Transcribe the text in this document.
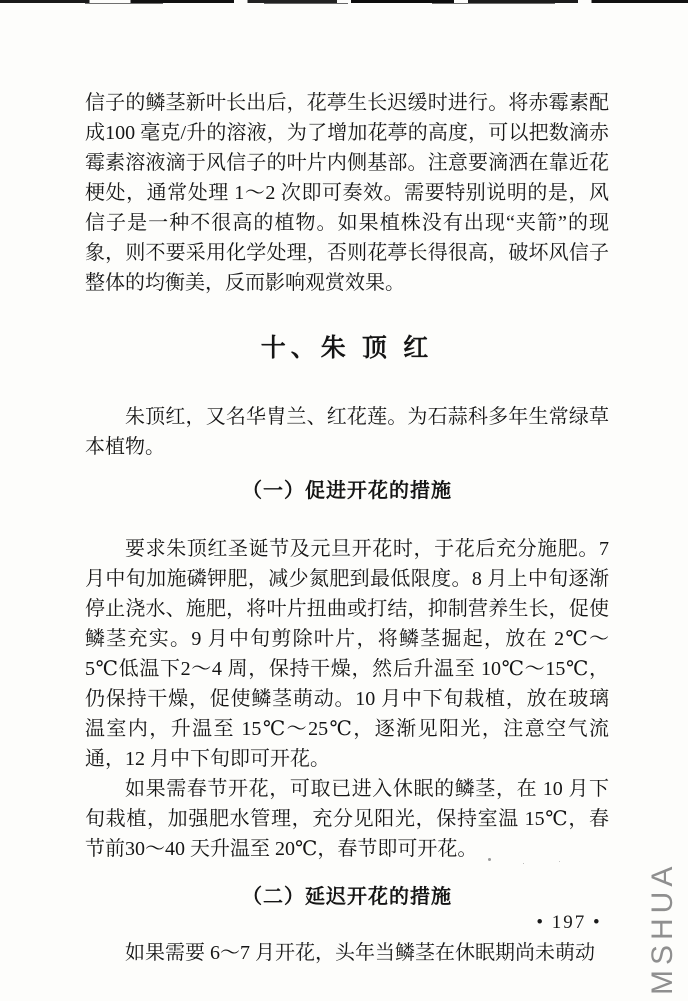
信子的鳞茎新叶长出后，花葶生长迟缓时进行。将赤霉素配成100 毫克/升的溶液，为了增加花葶的高度，可以把数滴赤霉素溶液滴于风信子的叶片内侧基部。注意要滴洒在靠近花梗处，通常处理 1～2 次即可奏效。需要特别说明的是，风信子是一种不很高的植物。如果植株没有出现“夹箭”的现象，则不要采用化学处理，否则花葶长得很高，破坏风信子整体的均衡美，反而影响观赏效果。

十、朱 顶 红

朱顶红，又名华胄兰、红花莲。为石蒜科多年生常绿草本植物。

（一）促进开花的措施

要求朱顶红圣诞节及元旦开花时，于花后充分施肥。7 月中旬加施磷钾肥，减少氮肥到最低限度。8 月上中旬逐渐停止浇水、施肥，将叶片扭曲或打结，抑制营养生长，促使鳞茎充实。9 月中旬剪除叶片，将鳞茎掘起，放在 2℃～5℃低温下2～4 周，保持干燥，然后升温至 10℃～15℃，仍保持干燥，促使鳞茎萌动。10 月中下旬栽植，放在玻璃温室内，升温至 15℃～25℃，逐渐见阳光，注意空气流通，12 月中下旬即可开花。

如果需春节开花，可取已进入休眠的鳞茎，在 10 月下旬栽植，加强肥水管理，充分见阳光，保持室温 15℃，春节前30～40 天升温至 20℃，春节即可开花。

（二）延迟开花的措施

如果需要 6～7 月开花，头年当鳞茎在休眠期尚未萌动

• 197 •	MSHUA
